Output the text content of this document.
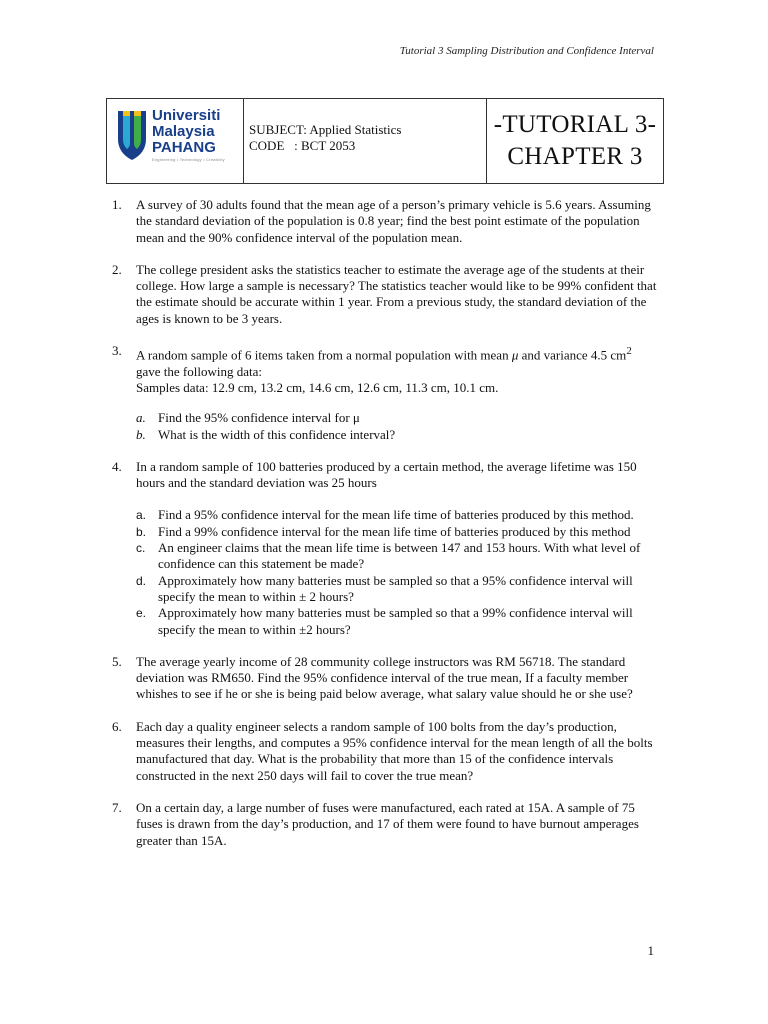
Tutorial 3 Sampling Distribution and Confidence Interval
Universiti
Malaysia
PAHANG
Engineering • Technology • Creativity
SUBJECT: Applied Statistics
CODE   : BCT 2053
-TUTORIAL 3-
CHAPTER 3
1. A survey of 30 adults found that the mean age of a person’s primary vehicle is 5.6 years. Assuming the standard deviation of the population is 0.8 year; find the best point estimate of the population mean and the 90% confidence interval of the population mean.
2. The college president asks the statistics teacher to estimate the average age of the students at their college. How large a sample is necessary? The statistics teacher would like to be 99% confident that the estimate should be accurate within 1 year. From a previous study, the standard deviation of the ages is known to be 3 years.
3. A random sample of 6 items taken from a normal population with mean μ and variance 4.5 $cm^2$ gave the following data:
Samples data: 12.9 cm, 13.2 cm, 14.6 cm, 12.6 cm, 11.3 cm, 10.1 cm.
a. Find the 95% confidence interval for μ
b. What is the width of this confidence interval?
4. In a random sample of 100 batteries produced by a certain method, the average lifetime was 150 hours and the standard deviation was 25 hours
a. Find a 95% confidence interval for the mean life time of batteries produced by this method.
b. Find a 99% confidence interval for the mean life time of batteries produced by this method
c. An engineer claims that the mean life time is between 147 and 153 hours. With what level of confidence can this statement be made?
d. Approximately how many batteries must be sampled so that a 95% confidence interval will specify the mean to within ± 2 hours?
e. Approximately how many batteries must be sampled so that a 99% confidence interval will specify the mean to within ±2 hours?
5. The average yearly income of 28 community college instructors was RM 56718. The standard deviation was RM650. Find the 95% confidence interval of the true mean, If a faculty member whishes to see if he or she is being paid below average, what salary value should he or she use?
6. Each day a quality engineer selects a random sample of 100 bolts from the day’s production, measures their lengths, and computes a 95% confidence interval for the mean length of all the bolts manufactured that day. What is the probability that more than 15 of the confidence intervals constructed in the next 250 days will fail to cover the true mean?
7. On a certain day, a large number of fuses were manufactured, each rated at 15A. A sample of 75 fuses is drawn from the day’s production, and 17 of them were found to have burnout amperages greater than 15A.
1
